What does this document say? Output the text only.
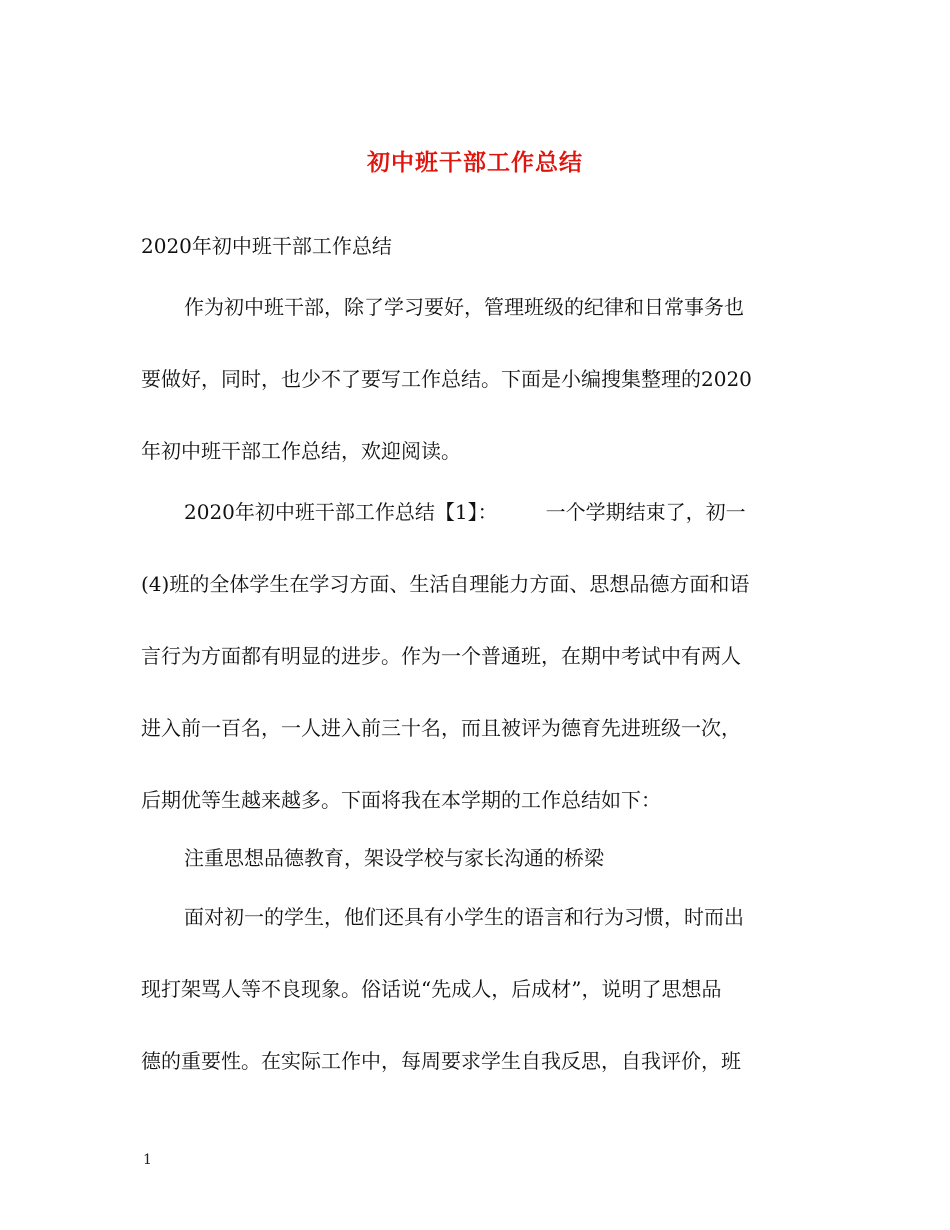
初中班干部工作总结

2020年初中班干部工作总结

作为初中班干部，除了学习要好，管理班级的纪律和日常事务也

要做好，同时，也少不了要写工作总结。下面是小编搜集整理的2020

年初中班干部工作总结，欢迎阅读。

2020年初中班干部工作总结【1】： 一个学期结束了，初一

(4)班的全体学生在学习方面、生活自理能力方面、思想品德方面和语

言行为方面都有明显的进步。作为一个普通班，在期中考试中有两人

进入前一百名，一人进入前三十名，而且被评为德育先进班级一次，

后期优等生越来越多。下面将我在本学期的工作总结如下：

注重思想品德教育，架设学校与家长沟通的桥梁

面对初一的学生，他们还具有小学生的语言和行为习惯，时而出

现打架骂人等不良现象。俗话说“先成人，后成材”，说明了思想品

德的重要性。在实际工作中，每周要求学生自我反思，自我评价，班

1
